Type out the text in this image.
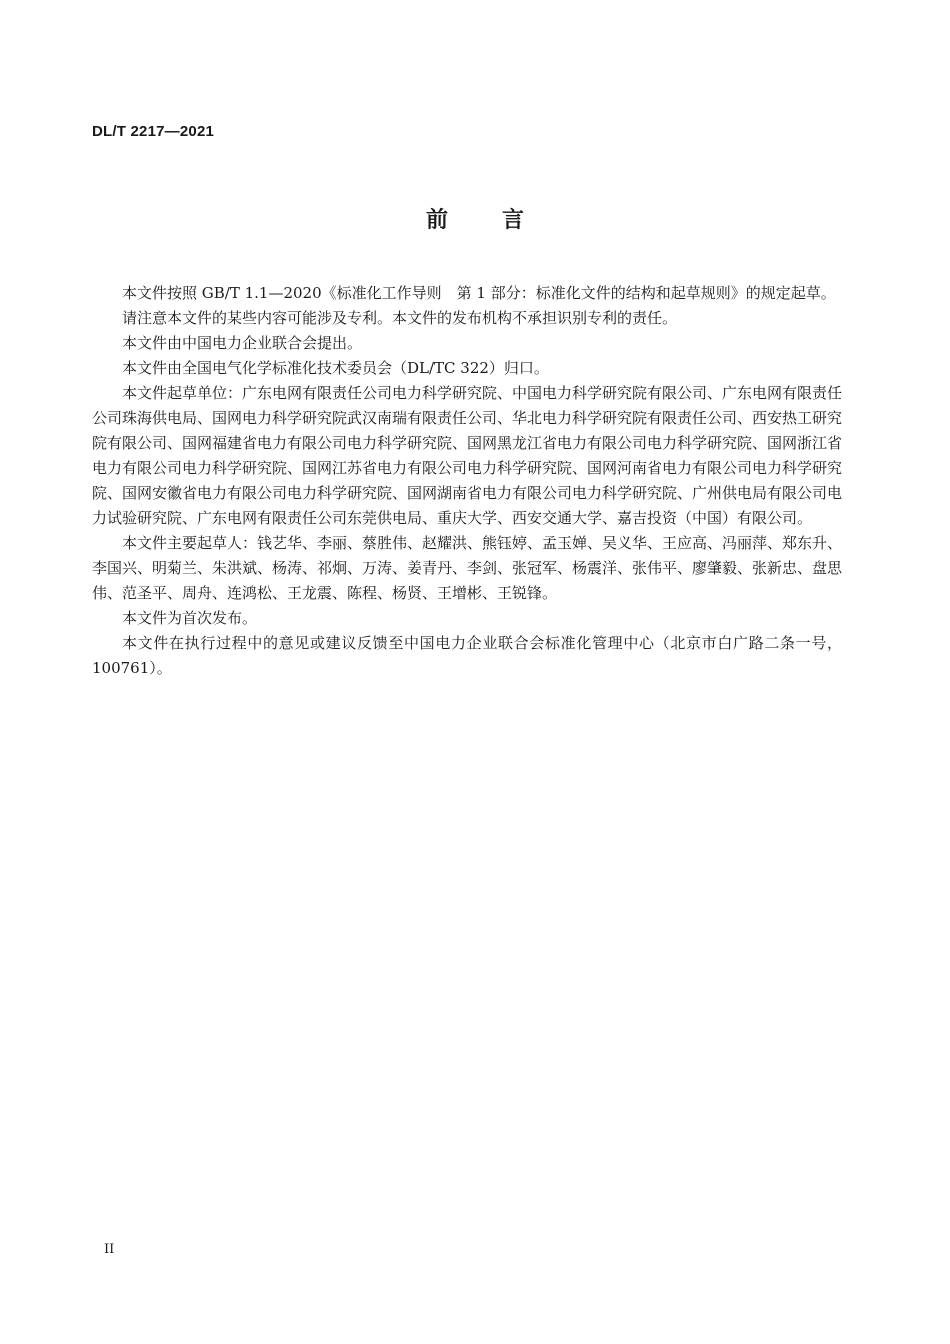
DL/T 2217—2021
前 言

本文件按照 GB/T 1.1—2020《标准化工作导则　第 1 部分：标准化文件的结构和起草规则》的规定起草。

请注意本文件的某些内容可能涉及专利。本文件的发布机构不承担识别专利的责任。

本文件由中国电力企业联合会提出。

本文件由全国电气化学标准化技术委员会（DL/TC 322）归口。

本文件起草单位：广东电网有限责任公司电力科学研究院、中国电力科学研究院有限公司、广东电网有限责任公司珠海供电局、国网电力科学研究院武汉南瑞有限责任公司、华北电力科学研究院有限责任公司、西安热工研究院有限公司、国网福建省电力有限公司电力科学研究院、国网黑龙江省电力有限公司电力科学研究院、国网浙江省电力有限公司电力科学研究院、国网江苏省电力有限公司电力科学研究院、国网河南省电力有限公司电力科学研究院、国网安徽省电力有限公司电力科学研究院、国网湖南省电力有限公司电力科学研究院、广州供电局有限公司电力试验研究院、广东电网有限责任公司东莞供电局、重庆大学、西安交通大学、嘉吉投资（中国）有限公司。

本文件主要起草人：钱艺华、李丽、蔡胜伟、赵耀洪、熊钰婷、孟玉婵、吴义华、王应高、冯丽萍、郑东升、李国兴、明菊兰、朱洪斌、杨涛、祁炯、万涛、姜青丹、李剑、张冠军、杨震洋、张伟平、廖肇毅、张新忠、盘思伟、范圣平、周舟、连鸿松、王龙震、陈程、杨贤、王增彬、王锐锋。

本文件为首次发布。

本文件在执行过程中的意见或建议反馈至中国电力企业联合会标准化管理中心（北京市白广路二条一号，100761）。

II
